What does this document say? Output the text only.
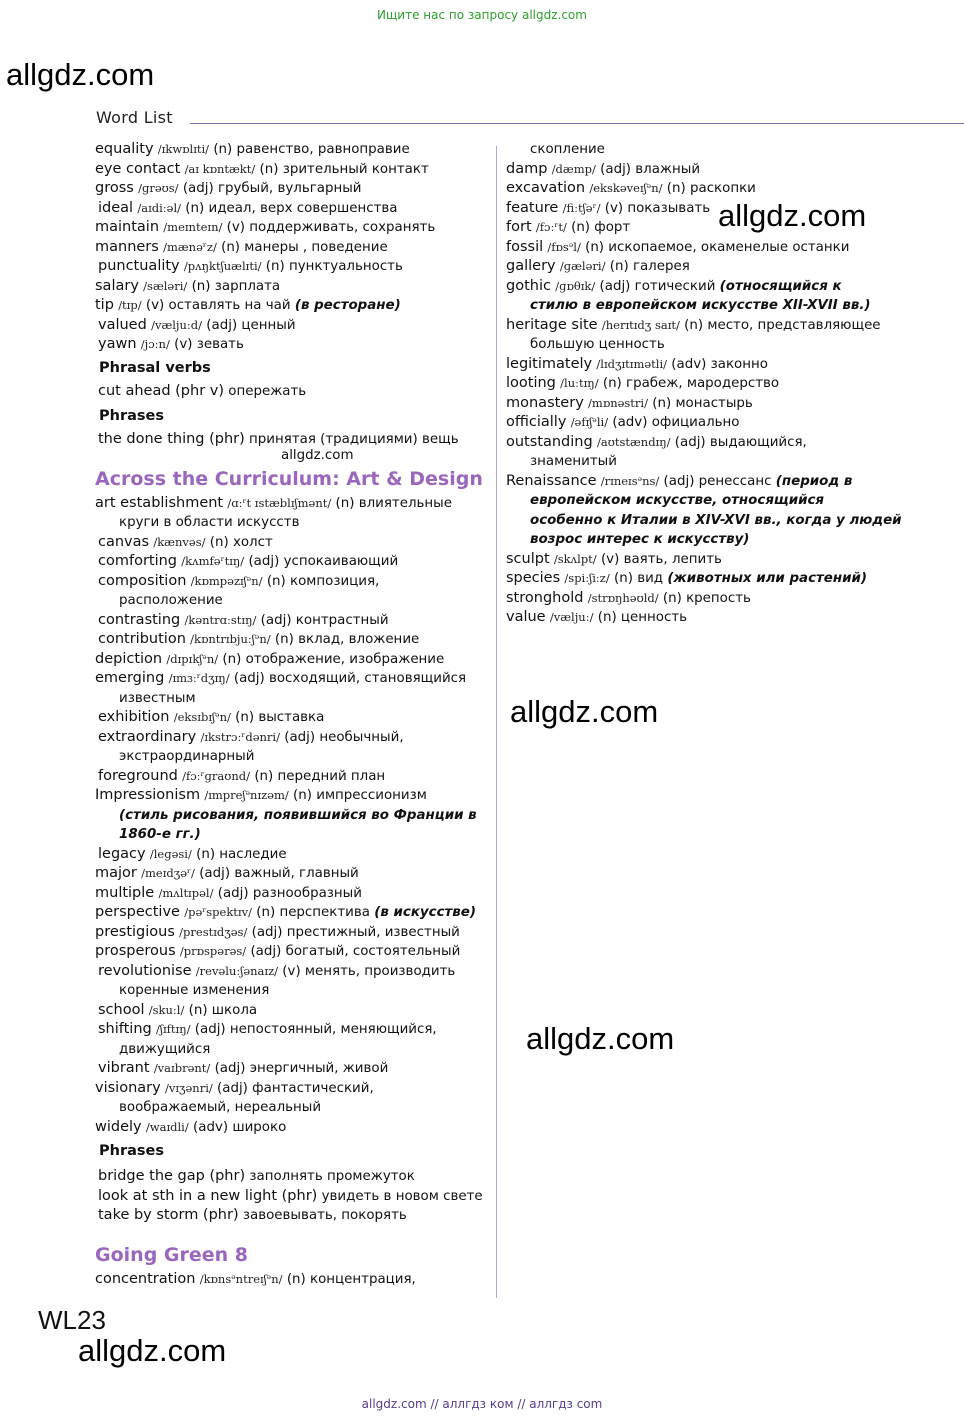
Ищите нас по запросу allgdz.com
allgdz.com
Word List
equality /ɪkwɒlɪti/ (n) равенство, равноправие
eye contact /aɪ kɒntækt/ (n) зрительный контакт
gross /ɡrəʊs/ (adj) грубый, вульгарный
ideal /aɪdiːəl/ (n) идеал, верх совершенства
maintain /meɪnteɪn/ (v) поддерживать, сохранять
manners /mænəʳz/ (n) манеры , поведение
punctuality /pʌŋktʃuælɪti/ (n) пунктуальность
salary /sæləri/ (n) зарплата
tip /tɪp/ (v) оставлять на чай (в ресторане)
valued /væljuːd/ (adj) ценный
yawn /jɔːn/ (v) зевать
Phrasal verbs
cut ahead (phr v) опережать
Phrases
the done thing (phr) принятая (традициями) вещь
allgdz.com
Across the Curriculum: Art & Design
art establishment /ɑːʳt ɪstæblɪʃmənt/ (n) влиятельные
круги в области искусств
canvas /kænvəs/ (n) холст
comforting /kʌmfəʳtɪŋ/ (adj) успокаивающий
composition /kɒmpəzɪʃᵊn/ (n) композиция,
расположение
contrasting /kəntrɑːstɪŋ/ (adj) контрастный
contribution /kɒntrɪbjuːʃᵊn/ (n) вклад, вложение
depiction /dɪpɪkʃᵊn/ (n) отображение, изображение
emerging /ɪmɜːʳdʒɪŋ/ (adj) восходящий, становящийся
известным
exhibition /eksɪbɪʃᵊn/ (n) выставка
extraordinary /ɪkstrɔːʳdənri/ (adj) необычный,
экстраординарный
foreground /fɔːʳɡraʊnd/ (n) передний план
Impressionism /ɪmpreʃᵊnɪzəm/ (n) импрессионизм
(стиль рисования, появившийся во Франции в
1860-е гг.)
legacy /leɡəsi/ (n) наследие
major /meɪdʒəʳ/ (adj) важный, главный
multiple /mʌltɪpəl/ (adj) разнообразный
perspective /pəʳspektɪv/ (n) перспектива (в искусстве)
prestigious /prestɪdʒəs/ (adj) престижный, известный
prosperous /prɒspərəs/ (adj) богатый, состоятельный
revolutionise /revəluːʃənaɪz/ (v) менять, производить
коренные изменения
school /skuːl/ (n) школа
shifting /ʃɪftɪŋ/ (adj) непостоянный, меняющийся,
движущийся
vibrant /vaɪbrənt/ (adj) энергичный, живой
visionary /vɪʒənri/ (adj) фантастический,
воображаемый, нереальный
widely /waɪdli/ (adv) широко
Phrases
bridge the gap (phr) заполнять промежуток
look at sth in a new light (phr) увидеть в новом свете
take by storm (phr) завоевывать, покорять
Going Green 8
concentration /kɒnsᵊntreɪʃᵊn/ (n) концентрация,
скопление
damp /dæmp/ (adj) влажный
excavation /ekskəveɪʃᵊn/ (n) раскопки
feature /fiːtʃəʳ/ (v) показывать
fort /fɔːʳt/ (n) форт
fossil /fɒsᵊl/ (n) ископаемое, окаменелые останки
gallery /ɡæləri/ (n) галерея
gothic /ɡɒθɪk/ (adj) готический (относящийся к
стилю в европейском искусстве XII-XVII вв.)
heritage site /herɪtɪdʒ saɪt/ (n) место, представляющее
большую ценность
legitimately /lɪdʒɪtɪmətli/ (adv) законно
looting /luːtɪŋ/ (n) грабеж, мародерство
monastery /mɒnəstri/ (n) монастырь
officially /əfɪʃᵊli/ (adv) официально
outstanding /aʊtstændɪŋ/ (adj) выдающийся,
знаменитый
Renaissance /rɪneɪsᵊns/ (adj) ренессанс (период в
европейском искусстве, относящийся
особенно к Италии в XIV-XVI вв., когда у людей
возрос интерес к искусству)
sculpt /skʌlpt/ (v) ваять, лепить
species /spiːʃiːz/ (n) вид (животных или растений)
stronghold /strɒŋhəʊld/ (n) крепость
value /væljuː/ (n) ценность
allgdz.com
allgdz.com
allgdz.com
allgdz.com
WL23
allgdz.com // аллгдз ком // аллгдз com
